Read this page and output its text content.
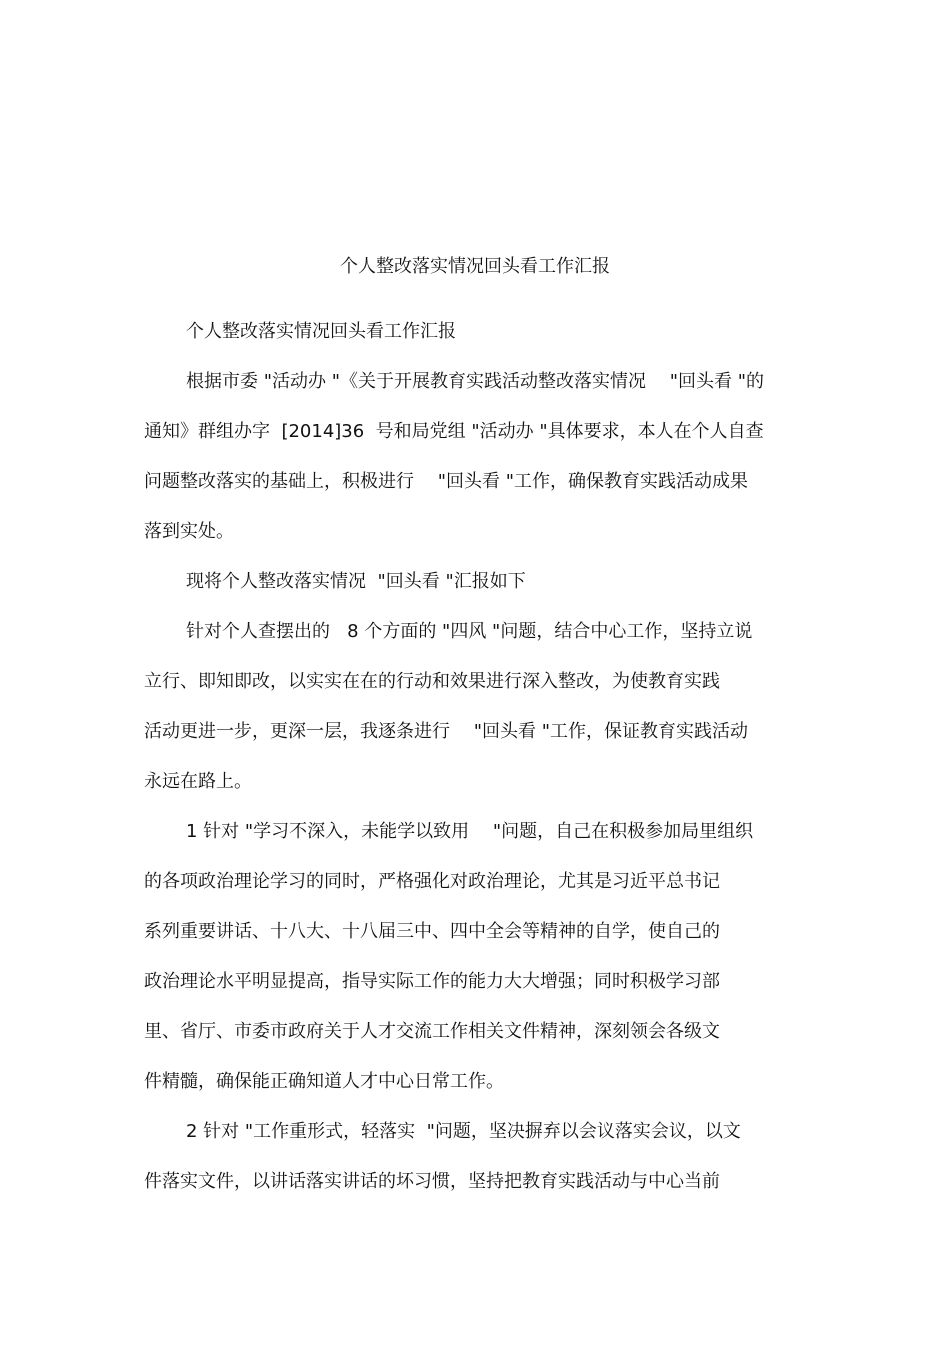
个人整改落实情况回头看工作汇报
个人整改落实情况回头看工作汇报
根据市委 "活动办 "《关于开展教育实践活动整改落实情况　 "回头看 "的
通知》群组办字  [2014]36  号和局党组 "活动办 "具体要求，本人在个人自查
问题整改落实的基础上，积极进行　 "回头看 "工作，确保教育实践活动成果
落到实处。
现将个人整改落实情况  "回头看 "汇报如下
针对个人查摆出的   8 个方面的 "四风 "问题，结合中心工作，坚持立说
立行、即知即改，以实实在在的行动和效果进行深入整改，为使教育实践
活动更进一步，更深一层，我逐条进行　 "回头看 "工作，保证教育实践活动
永远在路上。
1 针对 "学习不深入，未能学以致用　 "问题，自己在积极参加局里组织
的各项政治理论学习的同时，严格强化对政治理论，尤其是习近平总书记
系列重要讲话、十八大、十八届三中、四中全会等精神的自学，使自己的
政治理论水平明显提高，指导实际工作的能力大大增强；同时积极学习部
里、省厅、市委市政府关于人才交流工作相关文件精神，深刻领会各级文
件精髓，确保能正确知道人才中心日常工作。
2 针对 "工作重形式，轻落实  "问题，坚决摒弃以会议落实会议，以文
件落实文件，以讲话落实讲话的坏习惯，坚持把教育实践活动与中心当前
